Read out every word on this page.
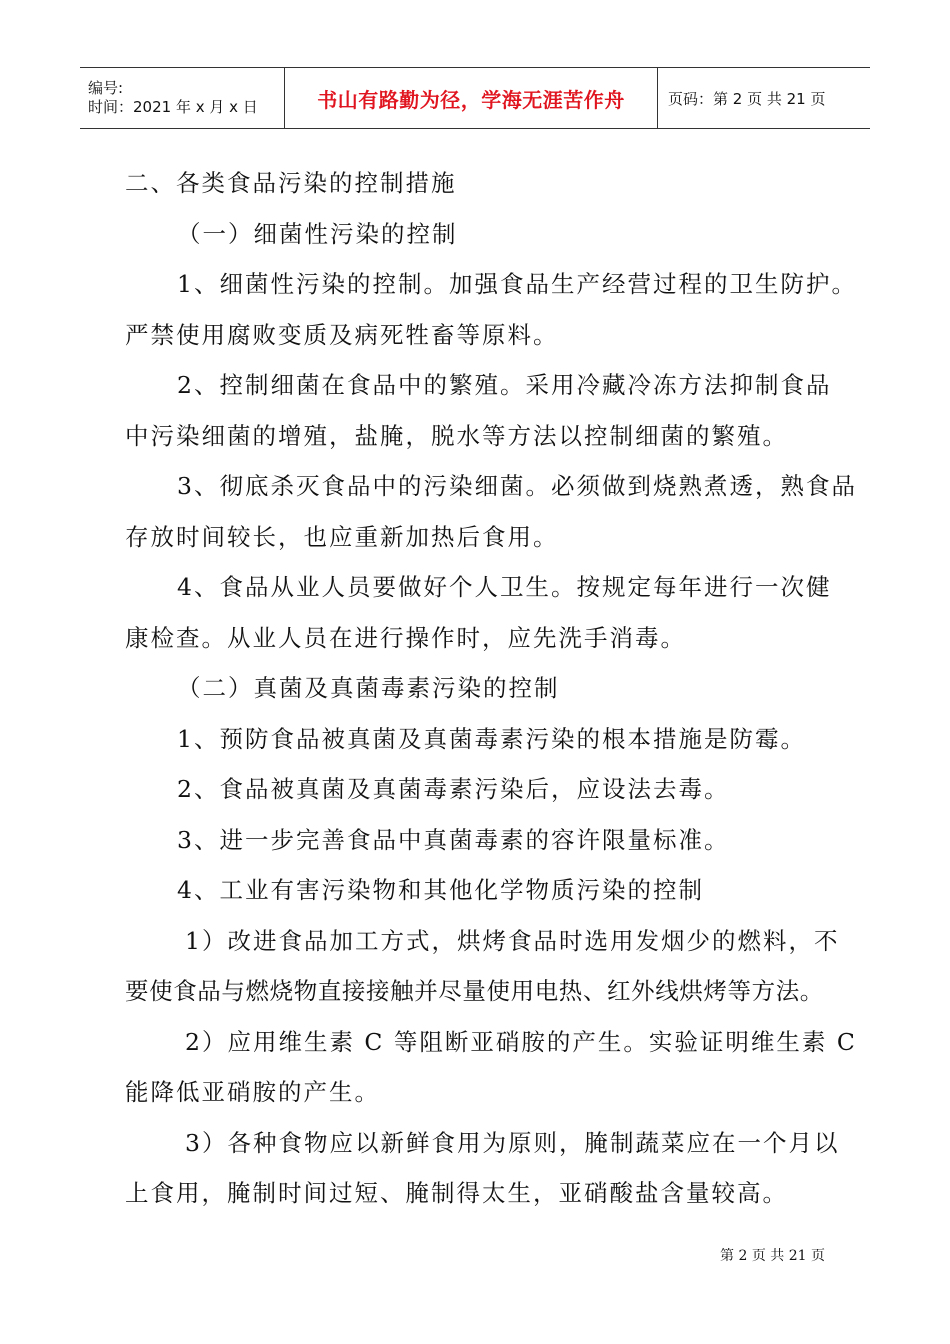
编号:
时间：2021 年 x 月 x 日	书山有路勤为径，学海无涯苦作舟	页码：第 2 页 共 21 页
二、各类食品污染的控制措施
（一）细菌性污染的控制
1、细菌性污染的控制。加强食品生产经营过程的卫生防护。
严禁使用腐败变质及病死牲畜等原料。
2、控制细菌在食品中的繁殖。采用冷藏冷冻方法抑制食品
中污染细菌的增殖，盐腌，脱水等方法以控制细菌的繁殖。
3、彻底杀灭食品中的污染细菌。必须做到烧熟煮透，熟食品
存放时间较长，也应重新加热后食用。
4、食品从业人员要做好个人卫生。按规定每年进行一次健
康检查。从业人员在进行操作时，应先洗手消毒。
（二）真菌及真菌毒素污染的控制
1、预防食品被真菌及真菌毒素污染的根本措施是防霉。
2、食品被真菌及真菌毒素污染后，应设法去毒。
3、进一步完善食品中真菌毒素的容许限量标准。
4、工业有害污染物和其他化学物质污染的控制
1）改进食品加工方式，烘烤食品时选用发烟少的燃料，不
要使食品与燃烧物直接接触并尽量使用电热、红外线烘烤等方法。
2）应用维生素 C 等阻断亚硝胺的产生。实验证明维生素 C
能降低亚硝胺的产生。
3）各种食物应以新鲜食用为原则，腌制蔬菜应在一个月以
上食用，腌制时间过短、腌制得太生，亚硝酸盐含量较高。
第 2 页 共 21 页
